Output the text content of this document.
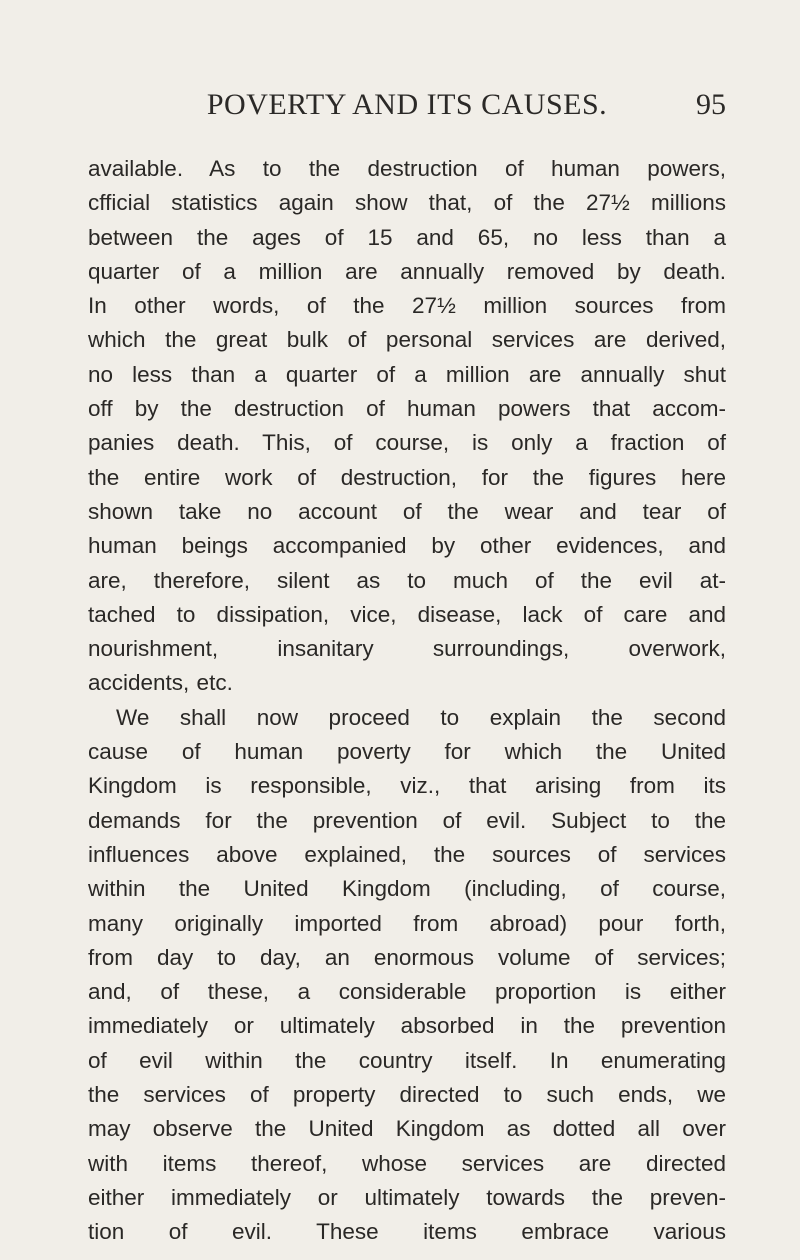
POVERTY AND ITS CAUSES.	95
available. As to the destruction of human powers,
cfficial statistics again show that, of the 27½ millions
between the ages of 15 and 65, no less than a
quarter of a million are annually removed by death.
In other words, of the 27½ million sources from
which the great bulk of personal services are derived,
no less than a quarter of a million are annually shut
off by the destruction of human powers that accom-
panies death. This, of course, is only a fraction of
the entire work of destruction, for the figures here
shown take no account of the wear and tear of
human beings accompanied by other evidences, and
are, therefore, silent as to much of the evil at-
tached to dissipation, vice, disease, lack of care and
nourishment, insanitary surroundings, overwork,
accidents, etc.
We shall now proceed to explain the second
cause of human poverty for which the United
Kingdom is responsible, viz., that arising from its
demands for the prevention of evil. Subject to the
influences above explained, the sources of services
within the United Kingdom (including, of course,
many originally imported from abroad) pour forth,
from day to day, an enormous volume of services;
and, of these, a considerable proportion is either
immediately or ultimately absorbed in the prevention
of evil within the country itself. In enumerating
the services of property directed to such ends, we
may observe the United Kingdom as dotted all over
with items thereof, whose services are directed
either immediately or ultimately towards the preven-
tion of evil. These items embrace various
